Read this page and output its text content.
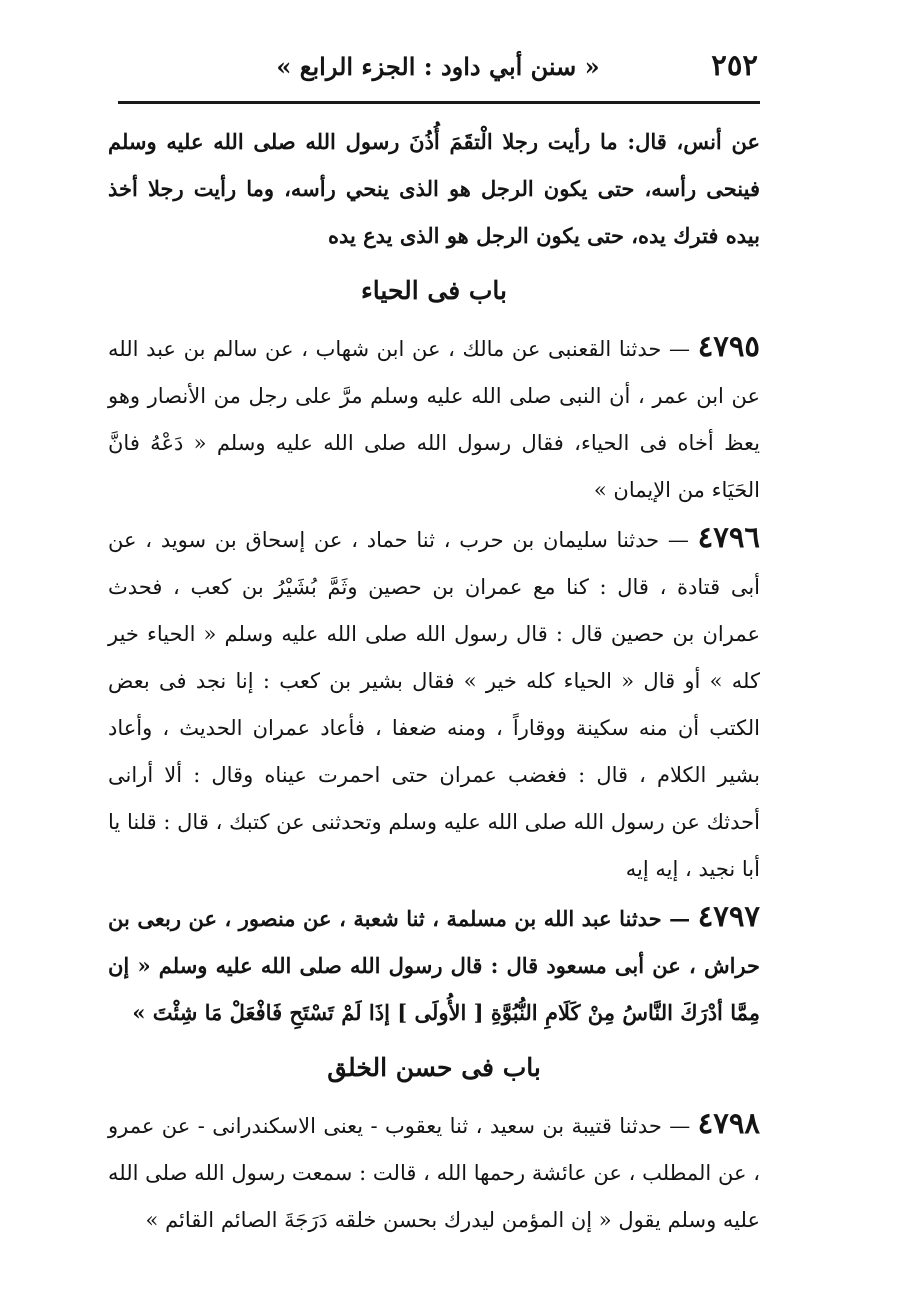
٢٥٢
« سنن أبي داود : الجزء الرابع »

عن أنس، قال: ما رأيت رجلا الْتقَمَ أُذُنَ رسول الله صلى الله عليه وسلم فينحى رأسه، حتى يكون الرجل هو الذى ينحي رأسه، وما رأيت رجلا أخذ بيده فترك يده، حتى يكون الرجل هو الذى يدع يده

باب فى الحياء

٤٧٩٥ — حدثنا القعنبى عن مالك ، عن ابن شهاب ، عن سالم بن عبد الله عن ابن عمر ، أن النبى صلى الله عليه وسلم مرَّ على رجل من الأنصار وهو يعظ أخاه فى الحياء، فقال رسول الله صلى الله عليه وسلم « دَعْهُ فانَّ الحَيَاء من الإيمان »

٤٧٩٦ — حدثنا سليمان بن حرب ، ثنا حماد ، عن إسحاق بن سويد ، عن أبى قتادة ، قال : كنا مع عمران بن حصين وثَمَّ بُشَيْرُ بن كعب ، فحدث عمران بن حصين قال : قال رسول الله صلى الله عليه وسلم « الحياء خير كله » أو قال « الحياء كله خير » فقال بشير بن كعب : إنا نجد فى بعض الكتب أن منه سكينة ووقاراً ، ومنه ضعفا ، فأعاد عمران الحديث ، وأعاد بشير الكلام ، قال : فغضب عمران حتى احمرت عيناه وقال : ألا أرانى أحدثك عن رسول الله صلى الله عليه وسلم وتحدثنى عن كتبك ، قال : قلنا يا أبا نجيد ، إيه إيه

٤٧٩٧ — حدثنا عبد الله بن مسلمة ، ثنا شعبة ، عن منصور ، عن ربعى بن حراش ، عن أبى مسعود قال : قال رسول الله صلى الله عليه وسلم « إن مِمَّا أدْرَكَ النَّاسُ مِنْ كَلَامِ النُّبُوَّةِ [ الأُولَى ] إذَا لَمْ تَسْتَحِ فَافْعَلْ مَا شِئْتَ »

باب فى حسن الخلق

٤٧٩٨ — حدثنا قتيبة بن سعيد ، ثنا يعقوب - يعنى الاسكندرانى - عن عمرو ، عن المطلب ، عن عائشة رحمها الله ، قالت : سمعت رسول الله صلى الله عليه وسلم يقول « إن المؤمن ليدرك بحسن خلقه دَرَجَةَ الصائم القائم »
